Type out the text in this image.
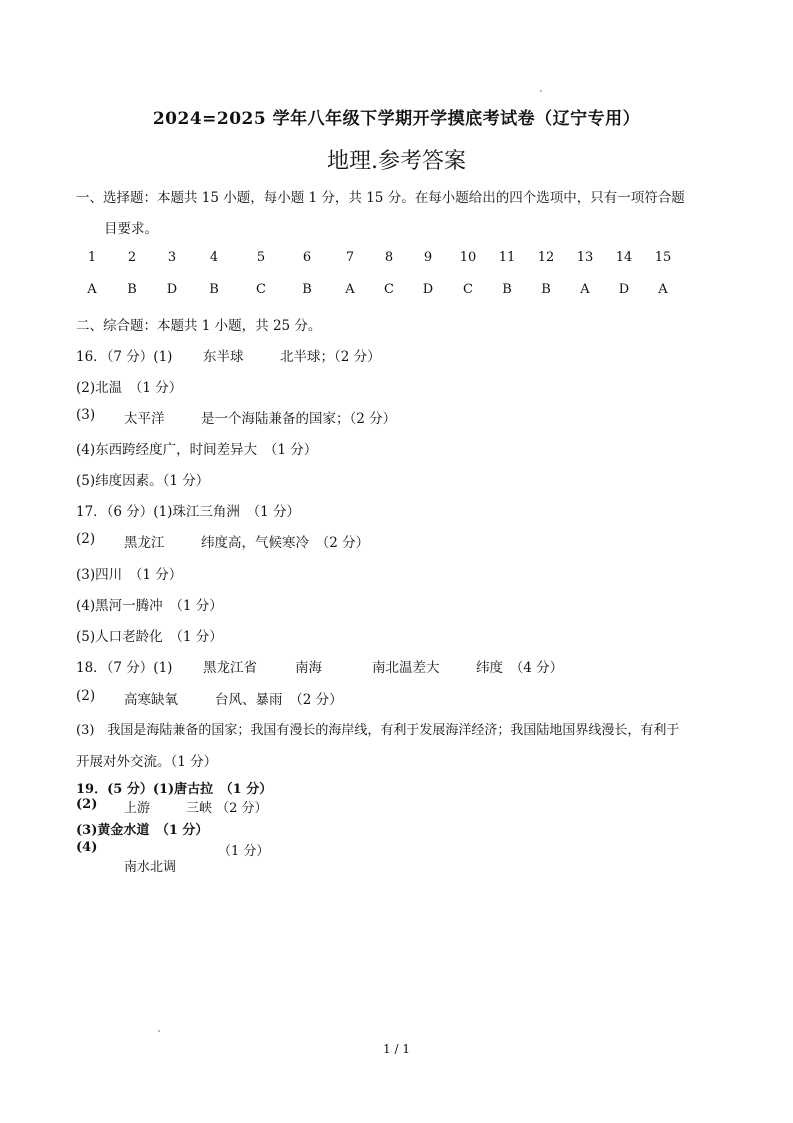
2024=2025 学年八年级下学期开学摸底考试卷（辽宁专用）
地理.参考答案
一、选择题：本题共 15 小题，每小题 1 分，共 15 分。在每小题给出的四个选项中，只有一项符合题
目要求。
1	2	3	4	5	6	7	8	9	10 11 12 13 14 15
A	B	D	B	C	B	A	C	D	C	B	B	A	D	A
二、综合题：本题共 1 小题，共 25 分。
16．（7 分）(1) 东半球	北半球；（2 分）
(2)北温　（1 分）
(3) 太平洋	是一个海陆兼备的国家；（2 分）
(4)东西跨经度广，时间差异大　（1 分）
(5)纬度因素。（1 分）
17．（6 分）(1)珠江三角洲　（1 分）
(2) 黑龙江	纬度高，气候寒冷　（2 分）
(3)四川　（1 分）
(4)黑河一腾冲　（1 分）
(5)人口老龄化　（1 分）
18．（7 分）(1) 黑龙江省	南海	南北温差大	纬度　（4 分）
(2) 高寒缺氧	台风、暴雨　（2 分）
(3)　我国是海陆兼备的国家；我国有漫长的海岸线，有利于发展海洋经济；我国陆地国界线漫长，有利于
开展对外交流。（1 分）
19．(5 分）(1)唐古拉　（1 分）
(2) 上游	三峡 （2 分）
(3)黄金水道　（1 分）
(4)	（1 分）
南水北调
1 / 1
